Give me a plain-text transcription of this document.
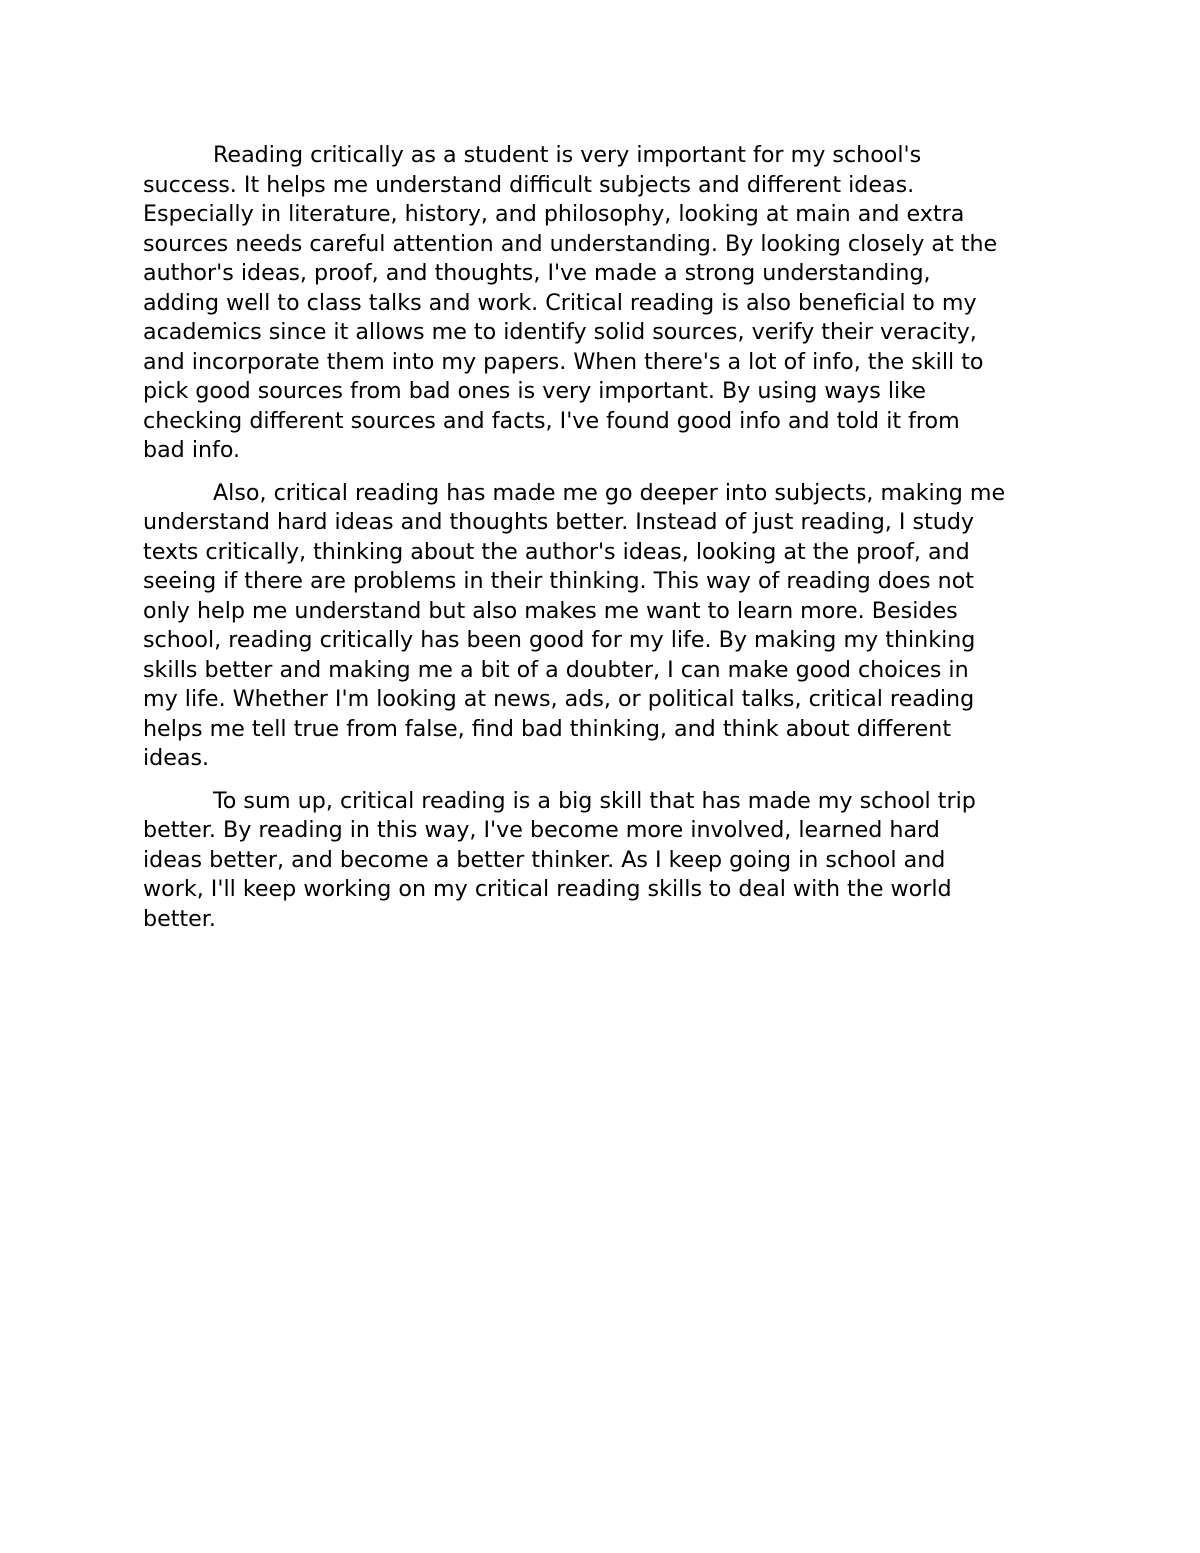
Reading critically as a student is very important for my school's
success. It helps me understand difficult subjects and different ideas.
Especially in literature, history, and philosophy, looking at main and extra
sources needs careful attention and understanding. By looking closely at the
author's ideas, proof, and thoughts, I've made a strong understanding,
adding well to class talks and work. Critical reading is also beneficial to my
academics since it allows me to identify solid sources, verify their veracity,
and incorporate them into my papers. When there's a lot of info, the skill to
pick good sources from bad ones is very important. By using ways like
checking different sources and facts, I've found good info and told it from
bad info.

Also, critical reading has made me go deeper into subjects, making me
understand hard ideas and thoughts better. Instead of just reading, I study
texts critically, thinking about the author's ideas, looking at the proof, and
seeing if there are problems in their thinking. This way of reading does not
only help me understand but also makes me want to learn more. Besides
school, reading critically has been good for my life. By making my thinking
skills better and making me a bit of a doubter, I can make good choices in
my life. Whether I'm looking at news, ads, or political talks, critical reading
helps me tell true from false, find bad thinking, and think about different
ideas.

To sum up, critical reading is a big skill that has made my school trip
better. By reading in this way, I've become more involved, learned hard
ideas better, and become a better thinker. As I keep going in school and
work, I'll keep working on my critical reading skills to deal with the world
better.
